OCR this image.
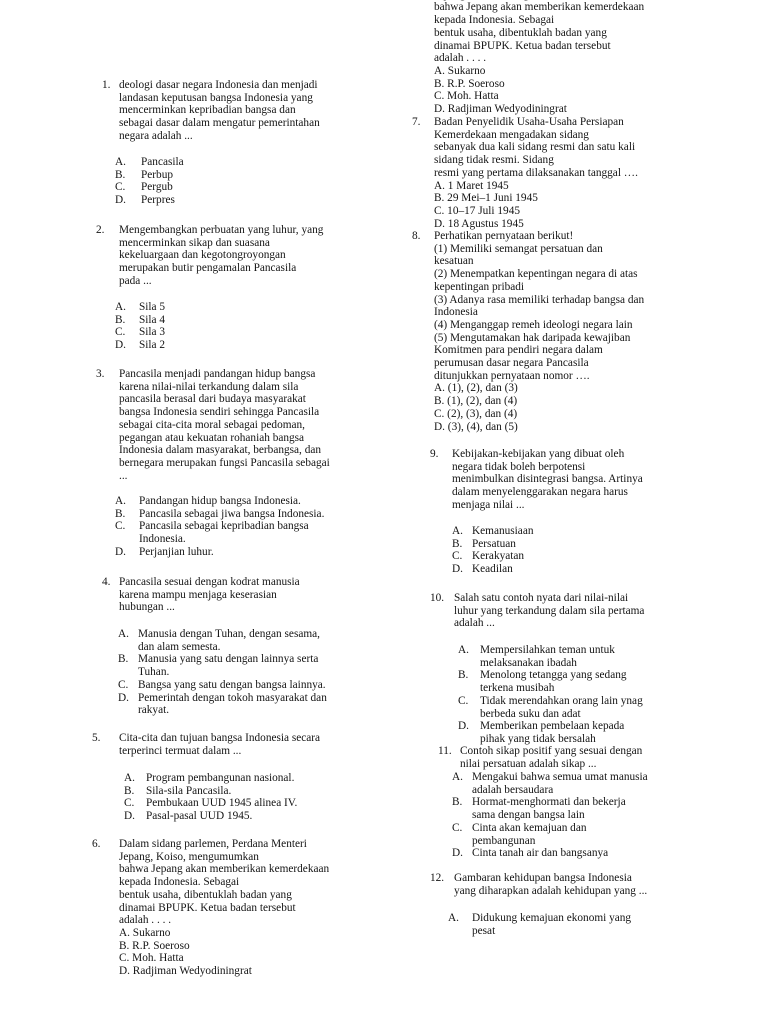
1. deologi dasar negara Indonesia dan menjadi
landasan keputusan bangsa Indonesia yang
mencerminkan kepribadian bangsa dan
sebagai dasar dalam mengatur pemerintahan
negara adalah ...
A. Pancasila
B. Perbup
C. Pergub
D. Perpres
2. Mengembangkan perbuatan yang luhur, yang
mencerminkan sikap dan suasana
kekeluargaan dan kegotongroyongan
merupakan butir pengamalan Pancasila
pada ...
A. Sila 5
B. Sila 4
C. Sila 3
D. Sila 2
3. Pancasila menjadi pandangan hidup bangsa
karena nilai-nilai terkandung dalam sila
pancasila berasal dari budaya masyarakat
bangsa Indonesia sendiri sehingga Pancasila
sebagai cita-cita moral sebagai pedoman,
pegangan atau kekuatan rohaniah bangsa
Indonesia dalam masyarakat, berbangsa, dan
bernegara merupakan fungsi Pancasila sebagai
...
A. Pandangan hidup bangsa Indonesia.
B. Pancasila sebagai jiwa bangsa Indonesia.
C. Pancasila sebagai kepribadian bangsa
Indonesia.
D. Perjanjian luhur.
4. Pancasila sesuai dengan kodrat manusia
karena mampu menjaga keserasian
hubungan ...
A. Manusia dengan Tuhan, dengan sesama,
dan alam semesta.
B. Manusia yang satu dengan lainnya serta
Tuhan.
C. Bangsa yang satu dengan bangsa lainnya.
D. Pemerintah dengan tokoh masyarakat dan
rakyat.
5. Cita-cita dan tujuan bangsa Indonesia secara
terperinci termuat dalam ...
A. Program pembangunan nasional.
B. Sila-sila Pancasila.
C. Pembukaan UUD 1945 alinea IV.
D. Pasal-pasal UUD 1945.
6. Dalam sidang parlemen, Perdana Menteri
Jepang, Koiso, mengumumkan
bahwa Jepang akan memberikan kemerdekaan
kepada Indonesia. Sebagai
bentuk usaha, dibentuklah badan yang
dinamai BPUPK. Ketua badan tersebut
adalah . . . .
A. Sukarno
B. R.P. Soeroso
C. Moh. Hatta
D. Radjiman Wedyodiningrat

bahwa Jepang akan memberikan kemerdekaan
kepada Indonesia. Sebagai
bentuk usaha, dibentuklah badan yang
dinamai BPUPK. Ketua badan tersebut
adalah . . . .
A. Sukarno
B. R.P. Soeroso
C. Moh. Hatta
D. Radjiman Wedyodiningrat
7. Badan Penyelidik Usaha-Usaha Persiapan
Kemerdekaan mengadakan sidang
sebanyak dua kali sidang resmi dan satu kali
sidang tidak resmi. Sidang
resmi yang pertama dilaksanakan tanggal ….
A. 1 Maret 1945
B. 29 Mei–1 Juni 1945
C. 10–17 Juli 1945
D. 18 Agustus 1945
8. Perhatikan pernyataan berikut!
(1) Memiliki semangat persatuan dan
kesatuan
(2) Menempatkan kepentingan negara di atas
kepentingan pribadi
(3) Adanya rasa memiliki terhadap bangsa dan
Indonesia
(4) Menganggap remeh ideologi negara lain
(5) Mengutamakan hak daripada kewajiban
Komitmen para pendiri negara dalam
perumusan dasar negara Pancasila
ditunjukkan pernyataan nomor ….
A. (1), (2), dan (3)
B. (1), (2), dan (4)
C. (2), (3), dan (4)
D. (3), (4), dan (5)
9. Kebijakan-kebijakan yang dibuat oleh
negara tidak boleh berpotensi
menimbulkan disintegrasi bangsa. Artinya
dalam menyelenggarakan negara harus
menjaga nilai ...
A. Kemanusiaan
B. Persatuan
C. Kerakyatan
D. Keadilan
10. Salah satu contoh nyata dari nilai-nilai
luhur yang terkandung dalam sila pertama
adalah ...
A. Mempersilahkan teman untuk
melaksanakan ibadah
B. Menolong tetangga yang sedang
terkena musibah
C. Tidak merendahkan orang lain ynag
berbeda suku dan adat
D. Memberikan pembelaan kepada
pihak yang tidak bersalah
11. Contoh sikap positif yang sesuai dengan
nilai persatuan adalah sikap ...
A. Mengakui bahwa semua umat manusia
adalah bersaudara
B. Hormat-menghormati dan bekerja
sama dengan bangsa lain
C. Cinta akan kemajuan dan
pembangunan
D. Cinta tanah air dan bangsanya
12. Gambaran kehidupan bangsa Indonesia
yang diharapkan adalah kehidupan yang ...
A. Didukung kemajuan ekonomi yang
pesat
